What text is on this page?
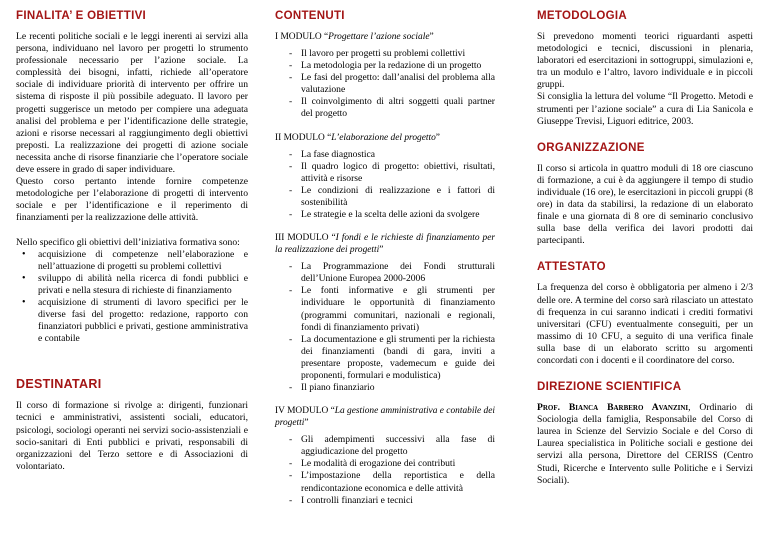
FINALITA’ E OBIETTIVI

Le recenti politiche sociali e le leggi inerenti ai servizi alla persona, individuano nel lavoro per progetti lo strumento professionale necessario per l’azione sociale. La complessità dei bisogni, infatti, richiede all’operatore sociale di individuare priorità di intervento per offrire un sistema di risposte il più possibile adeguato. Il lavoro per progetti suggerisce un metodo per compiere una adeguata analisi del problema e per l’identificazione delle strategie, azioni e risorse necessari al raggiungimento degli obiettivi preposti. La realizzazione dei progetti di azione sociale necessita anche di risorse finanziarie che l’operatore sociale deve essere in grado di saper individuare.

Questo corso pertanto intende fornire competenze metodologiche per l’elaborazione di progetti di intervento sociale e per l’identificazione e il reperimento di finanziamenti per la realizzazione delle attività.

Nello specifico gli obiettivi dell’iniziativa formativa sono:

• acquisizione di competenze nell’elaborazione e nell’attuazione di progetti su problemi collettivi
• sviluppo di abilità nella ricerca di fondi pubblici e privati e nella stesura di richieste di finanziamento
• acquisizione di strumenti di lavoro specifici per le diverse fasi del progetto: redazione, rapporto con finanziatori pubblici e privati, gestione amministrativa e contabile
DESTINATARI

Il corso di formazione si rivolge a: dirigenti, funzionari tecnici e amministrativi, assistenti sociali, educatori, psicologi, sociologi operanti nei servizi socio-assistenziali e socio-sanitari di Enti pubblici e privati, responsabili di organizzazioni del Terzo settore e di Associazioni di volontariato.

CONTENUTI

I MODULO “Progettare l’azione sociale”

- Il lavoro per progetti su problemi collettivi
- La metodologia per la redazione di un progetto
- Le fasi del progetto: dall’analisi del problema alla valutazione
- Il coinvolgimento di altri soggetti quali partner del progetto

II MODULO “L’elaborazione del progetto”

- La fase diagnostica
- Il quadro logico di progetto: obiettivi, risultati, attività e risorse
- Le condizioni di realizzazione e i fattori di sostenibilità
- Le strategie e la scelta delle azioni da svolgere

III MODULO “I fondi e le richieste di finanziamento per la realizzazione dei progetti”

- La Programmazione dei Fondi strutturali dell’Unione Europea 2000-2006
- Le fonti informative e gli strumenti per individuare le opportunità di finanziamento (programmi comunitari, nazionali e regionali, fondi di finanziamento privati)
- La documentazione e gli strumenti per la richiesta dei finanziamenti (bandi di gara, inviti a presentare proposte, vademecum e guide dei proponenti, formulari e modulistica)
- Il piano finanziario

IV MODULO “La gestione amministrativa e contabile dei progetti”

- Gli adempimenti successivi alla fase di aggiudicazione del progetto
- Le modalità di erogazione dei contributi
- L’impostazione della reportistica e della rendicontazione economica e delle attività
- I controlli finanziari e tecnici
METODOLOGIA

Si prevedono momenti teorici riguardanti aspetti metodologici e tecnici, discussioni in plenaria, laboratori ed esercitazioni in sottogruppi, simulazioni e, tra un modulo e l’altro, lavoro individuale e in piccoli gruppi.

Si consiglia la lettura del volume “Il Progetto. Metodi e strumenti per l’azione sociale” a cura di Lia Sanicola e Giuseppe Trevisi, Liguori editrice, 2003.

ORGANIZZAZIONE

Il corso si articola in quattro moduli di 18 ore ciascuno di formazione, a cui è da aggiungere il tempo di studio individuale (16 ore), le esercitazioni in piccoli gruppi (8 ore) in data da stabilirsi, la redazione di un elaborato finale e una giornata di 8 ore di seminario conclusivo sulla base della verifica dei lavori prodotti dai partecipanti.

ATTESTATO

La frequenza del corso è obbligatoria per almeno i 2/3 delle ore. A termine del corso sarà rilasciato un attestato di frequenza in cui saranno indicati i crediti formativi universitari (CFU) eventualmente conseguiti, per un massimo di 10 CFU, a seguito di una verifica finale sulla base di un elaborato scritto su argomenti concordati con i docenti e il coordinatore del corso.

DIREZIONE SCIENTIFICA

Prof. Bianca Barbero Avanzini, Ordinario di Sociologia della famiglia, Responsabile del Corso di laurea in Scienze del Servizio Sociale e del Corso di Laurea specialistica in Politiche sociali e gestione dei servizi alla persona, Direttore del CERISS (Centro Studi, Ricerche e Intervento sulle Politiche e i Servizi Sociali).
